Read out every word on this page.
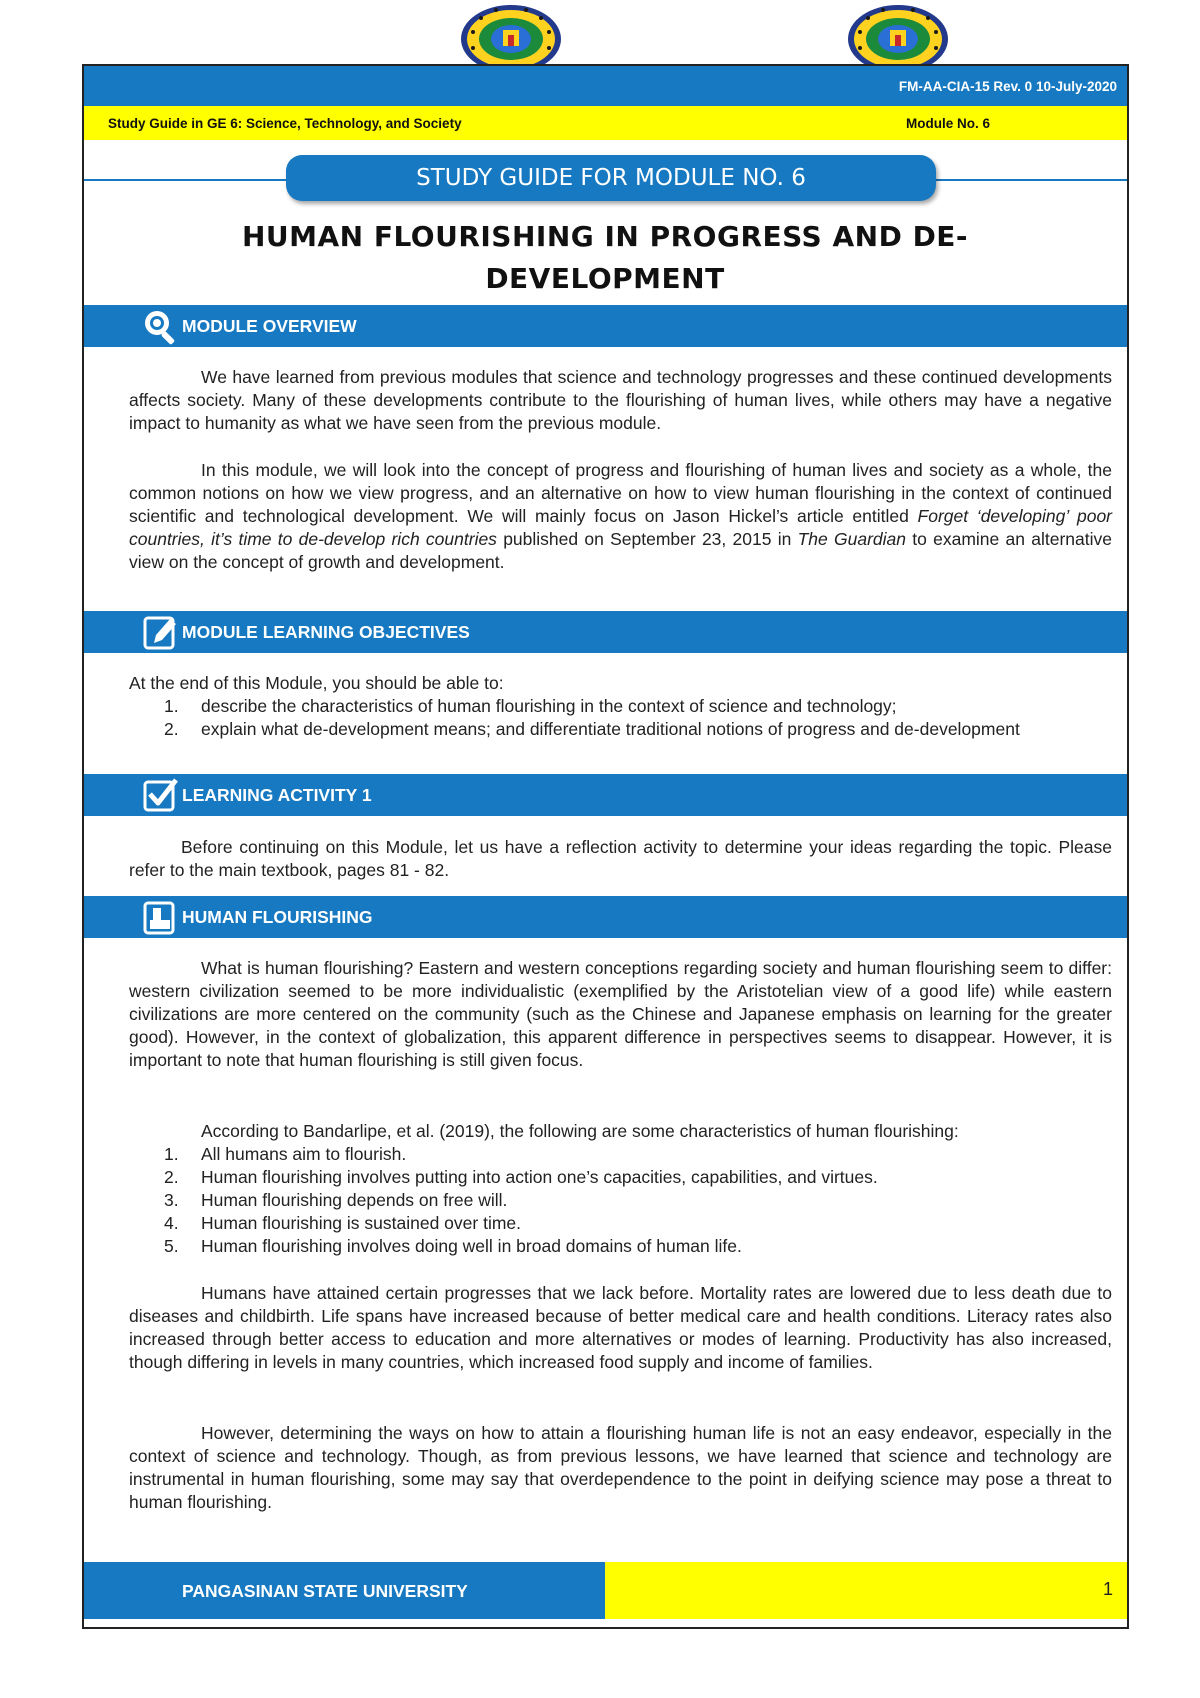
FM-AA-CIA-15 Rev. 0 10-July-2020
Study Guide in GE 6: Science, Technology, and Society	Module No. 6
STUDY GUIDE FOR MODULE NO. 6
HUMAN FLOURISHING IN PROGRESS AND DE-
DEVELOPMENT
MODULE OVERVIEW

We have learned from previous modules that science and technology progresses and these continued developments affects society. Many of these developments contribute to the flourishing of human lives, while others may have a negative impact to humanity as what we have seen from the previous module.

In this module, we will look into the concept of progress and flourishing of human lives and society as a whole, the common notions on how we view progress, and an alternative on how to view human flourishing in the context of continued scientific and technological development. We will mainly focus on Jason Hickel’s article entitled Forget ‘developing’ poor countries, it’s time to de-develop rich countries published on September 23, 2015 in The Guardian to examine an alternative view on the concept of growth and development.

MODULE LEARNING OBJECTIVES

At the end of this Module, you should be able to:

1.	describe the characteristics of human flourishing in the context of science and technology;
2.	explain what de-development means; and differentiate traditional notions of progress and de-development
LEARNING ACTIVITY 1

Before continuing on this Module, let us have a reflection activity to determine your ideas regarding the topic. Please refer to the main textbook, pages 81 - 82.

HUMAN FLOURISHING

What is human flourishing? Eastern and western conceptions regarding society and human flourishing seem to differ: western civilization seemed to be more individualistic (exemplified by the Aristotelian view of a good life) while eastern civilizations are more centered on the community (such as the Chinese and Japanese emphasis on learning for the greater good). However, in the context of globalization, this apparent difference in perspectives seems to disappear. However, it is important to note that human flourishing is still given focus.

According to Bandarlipe, et al. (2019), the following are some characteristics of human flourishing:

1.	All humans aim to flourish.
2.	Human flourishing involves putting into action one’s capacities, capabilities, and virtues.
3.	Human flourishing depends on free will.
4.	Human flourishing is sustained over time.
5.	Human flourishing involves doing well in broad domains of human life.

Humans have attained certain progresses that we lack before. Mortality rates are lowered due to less death due to diseases and childbirth. Life spans have increased because of better medical care and health conditions. Literacy rates also increased through better access to education and more alternatives or modes of learning. Productivity has also increased, though differing in levels in many countries, which increased food supply and income of families.

However, determining the ways on how to attain a flourishing human life is not an easy endeavor, especially in the context of science and technology. Though, as from previous lessons, we have learned that science and technology are instrumental in human flourishing, some may say that overdependence to the point in deifying science may pose a threat to human flourishing.

PANGASINAN STATE UNIVERSITY	1
